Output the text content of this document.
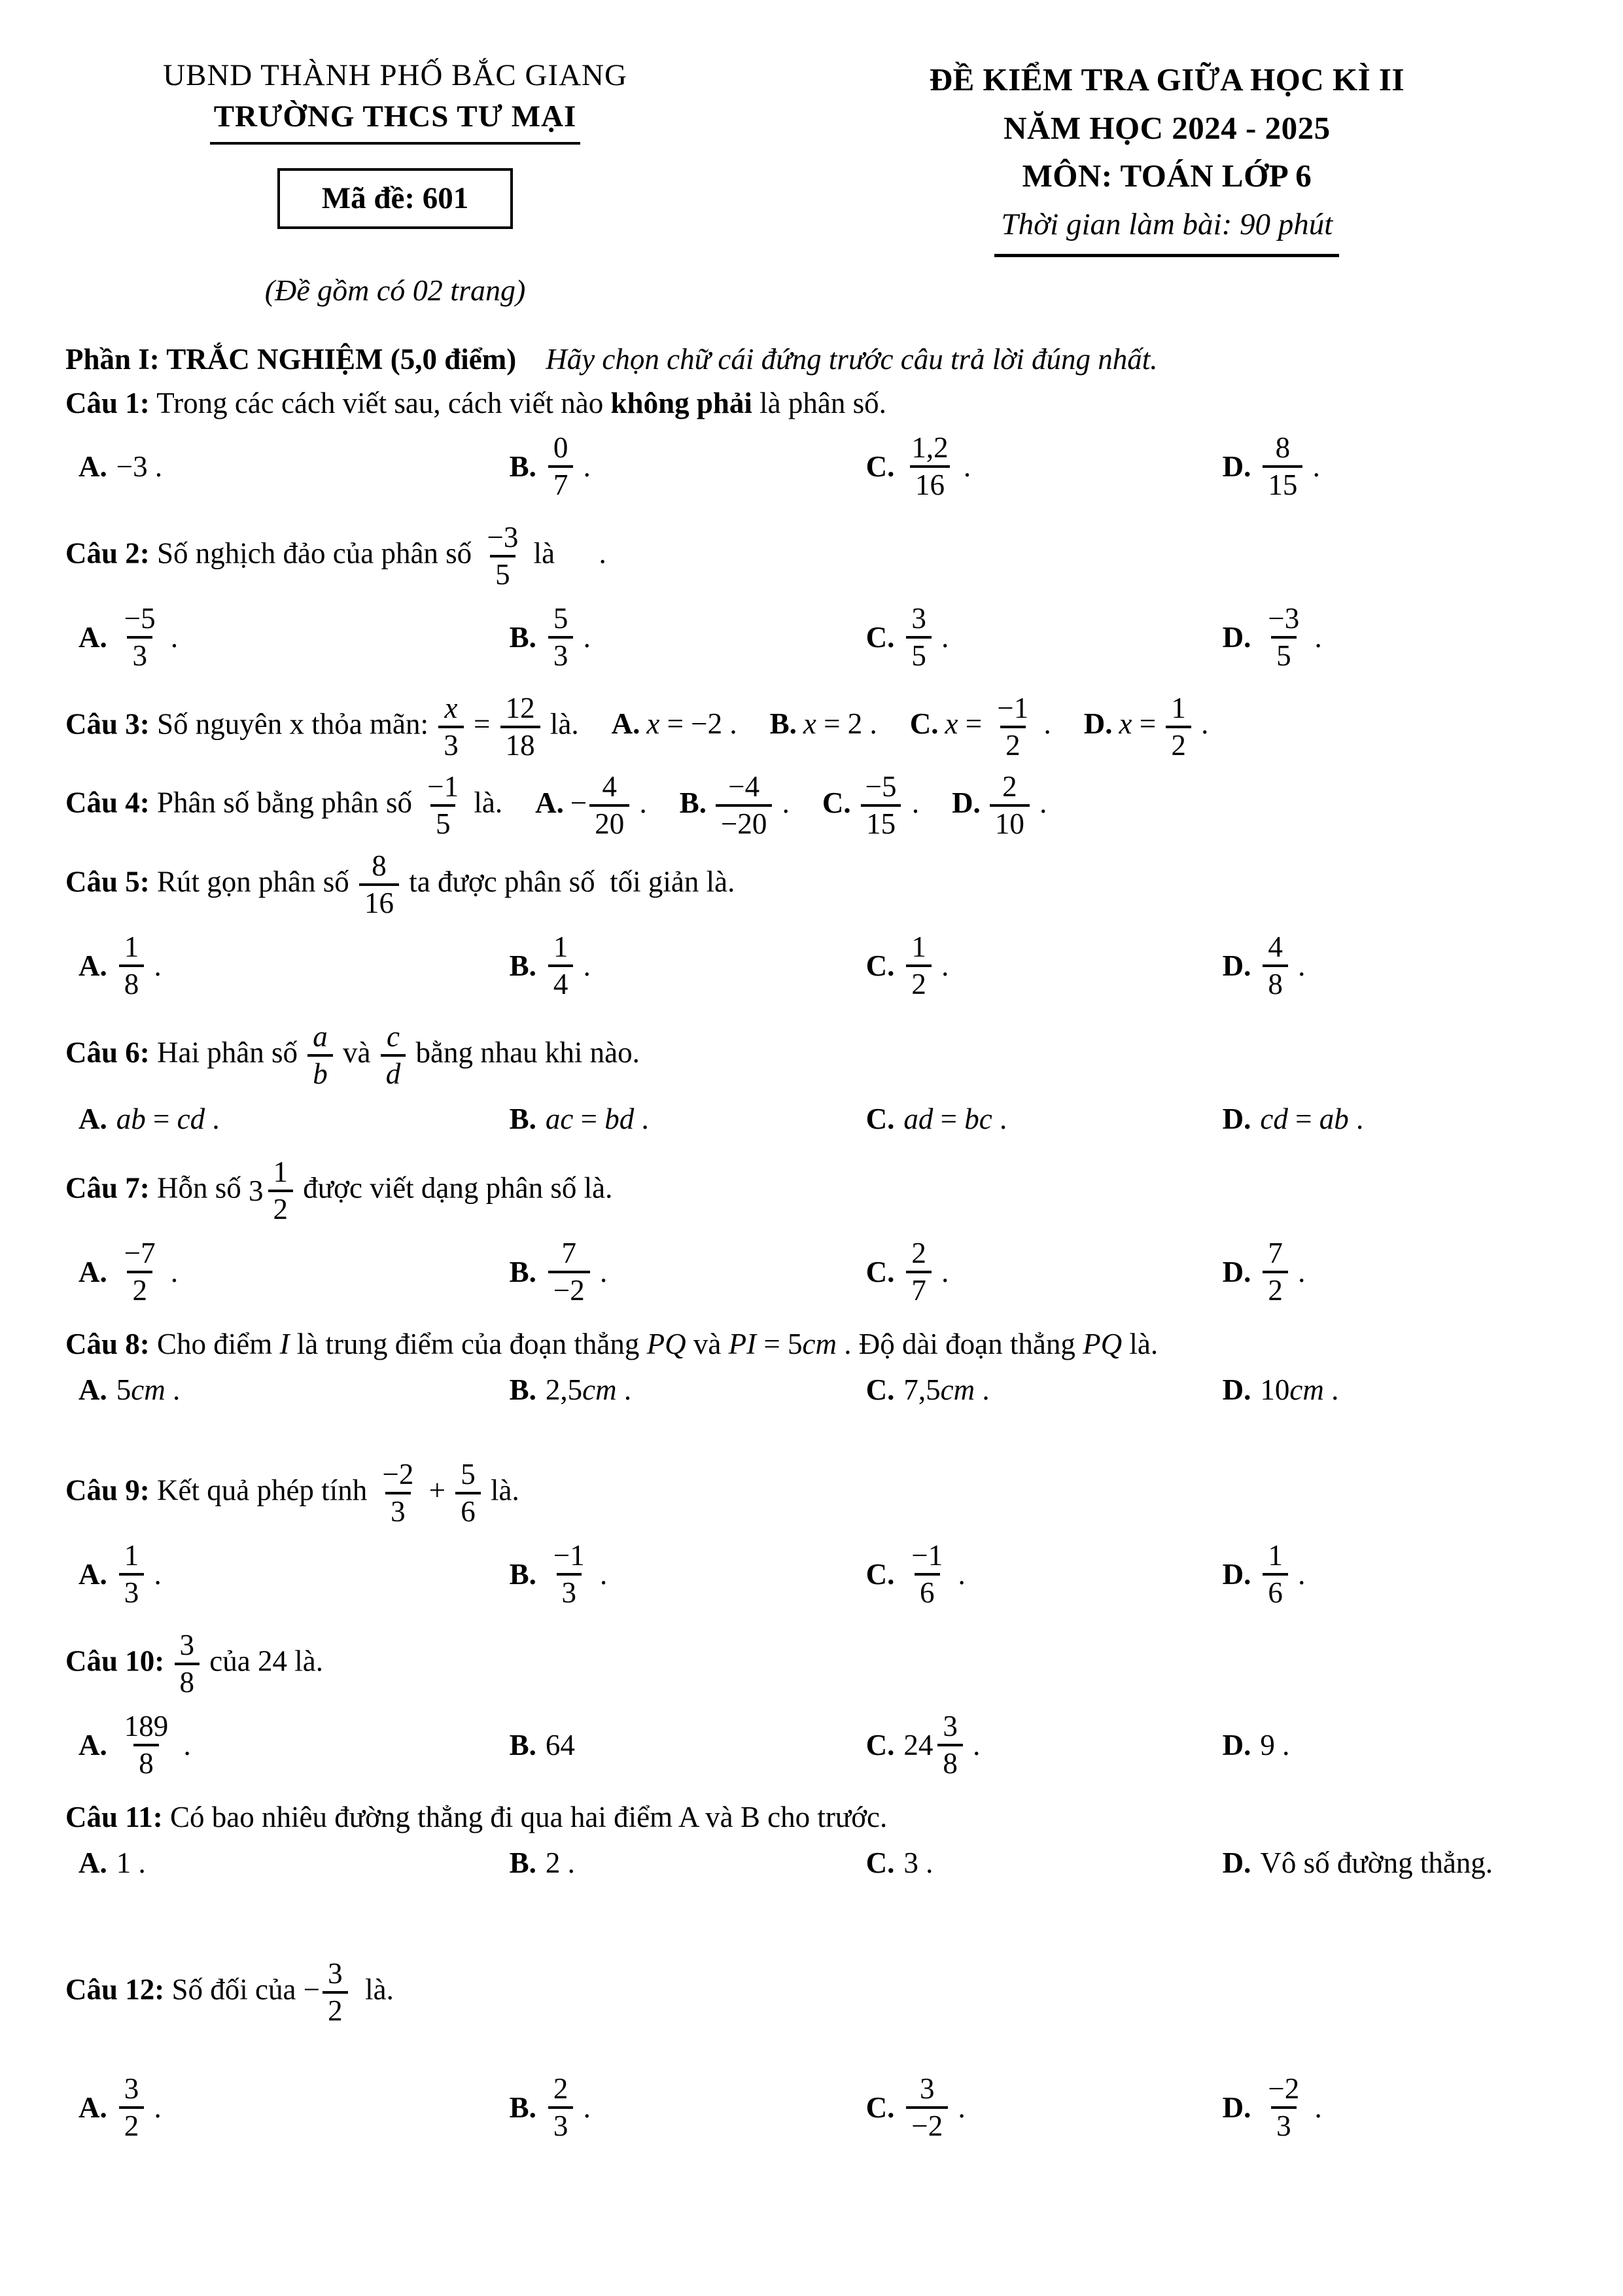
UBND THÀNH PHỐ BẮC GIANG
TRƯỜNG THCS TƯ MẠI
Mã đề: 601
(Đề gồm có 02 trang)
ĐỀ KIỂM TRA GIỮA HỌC KÌ II
NĂM HỌC 2024 - 2025
MÔN: TOÁN LỚP 6
Thời gian làm bài: 90 phút
Phần I: TRẮC NGHIỆM (5,0 điểm) Hãy chọn chữ cái đứng trước câu trả lời đúng nhất.
Câu 1: Trong các cách viết sau, cách viết nào không phải là phân số.
A. −3 .	B. $\frac{0}{7}$ .	C. $\frac{1,2}{16}$ .	D. $\frac{8}{15}$ .
Câu 2: Số nghịch đảo của phân số $\frac{-3}{5}$ là      .
A. $\frac{-5}{3}$ .	B. $\frac{5}{3}$ .	C. $\frac{3}{5}$ .	D. $\frac{-3}{5}$ .
Câu 3: Số nguyên x thỏa mãn: $\frac{x}{3} = \frac{12}{18}$ là. A. x = −2 . B. x = 2 . C. $x = \frac{-1}{2}$ . D. $x = \frac{1}{2}$ .
Câu 4: Phân số bằng phân số $\frac{-1}{5}$ là. A. − $\frac{4}{20}$ . B. $\frac{-4}{-20}$ . C. $\frac{-5}{15}$ . D. $\frac{2}{10}$ .
Câu 5: Rút gọn phân số $\frac{8}{16}$ ta được phân số  tối giản là.
A. $\frac{1}{8}$ .	B. $\frac{1}{4}$ .	C. $\frac{1}{2}$ .	D. $\frac{4}{8}$ .
Câu 6: Hai phân số $\frac{a}{b}$ và $\frac{c}{d}$ bằng nhau khi nào.
A. ab = cd .	B. ac = bd .	C. ad = bc .	D. cd = ab .
Câu 7: Hỗn số $3 \frac{1}{2}$ được viết dạng phân số là.
A. $\frac{-7}{2}$ .	B. $\frac{7}{-2}$ .	C. $\frac{2}{7}$ .	D. $\frac{7}{2}$ .
Câu 8: Cho điểm I là trung điểm của đoạn thẳng PQ và PI = 5cm . Độ dài đoạn thẳng PQ là.
A. 5 cm .	B. 2,5 cm .	C. 7,5 cm .	D. 10 cm .
Câu 9: Kết quả phép tính $\frac{-2}{3} + \frac{5}{6}$ là.
A. $\frac{1}{3}$ .	B. $\frac{-1}{3}$ .	C. $\frac{-1}{6}$ .	D. $\frac{1}{6}$ .
Câu 10: $\frac{3}{8}$ của 24 là.
A. $\frac{189}{8}$ .	B. 64	C. $24 \frac{3}{8}$ .	D. 9 .
Câu 11: Có bao nhiêu đường thẳng đi qua hai điểm A và B cho trước.
A. 1 .	B. 2 .	C. 3 .	D. Vô số đường thẳng.
Câu 12: Số đối của − $\frac{3}{2}$ là.
A. $\frac{3}{2}$ .	B. $\frac{2}{3}$ .	C. $\frac{3}{-2}$ .	D. $\frac{-2}{3}$ .
